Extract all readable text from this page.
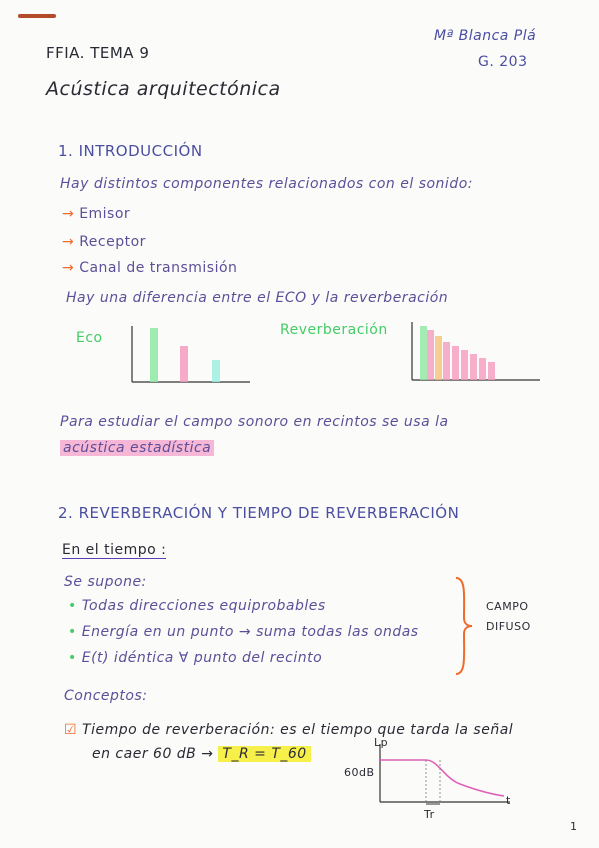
FFIA. TEMA 9
Acústica arquitectónica
Mª Blanca Plá
G. 203
1. INTRODUCCIÓN
Hay distintos componentes relacionados con el sonido:
→ Emisor
→ Receptor
→ Canal de transmisión
Hay una diferencia entre el ECO y la reverberación
Eco	Reverberación
Para estudiar el campo sonoro en recintos se usa la
acústica estadística
2. REVERBERACIÓN Y TIEMPO DE REVERBERACIÓN
En el tiempo :
Se supone:
• Todas direcciones equiprobables
• Energía en un punto → suma todas las ondas
• E(t) idéntica ∀ punto del recinto
CAMPO
DIFUSO
Conceptos:
☑ Tiempo de reverberación: es el tiempo que tarda la señal
en caer 60 dB → T_R = T_60
Lp
60dB
t
Tr
1
